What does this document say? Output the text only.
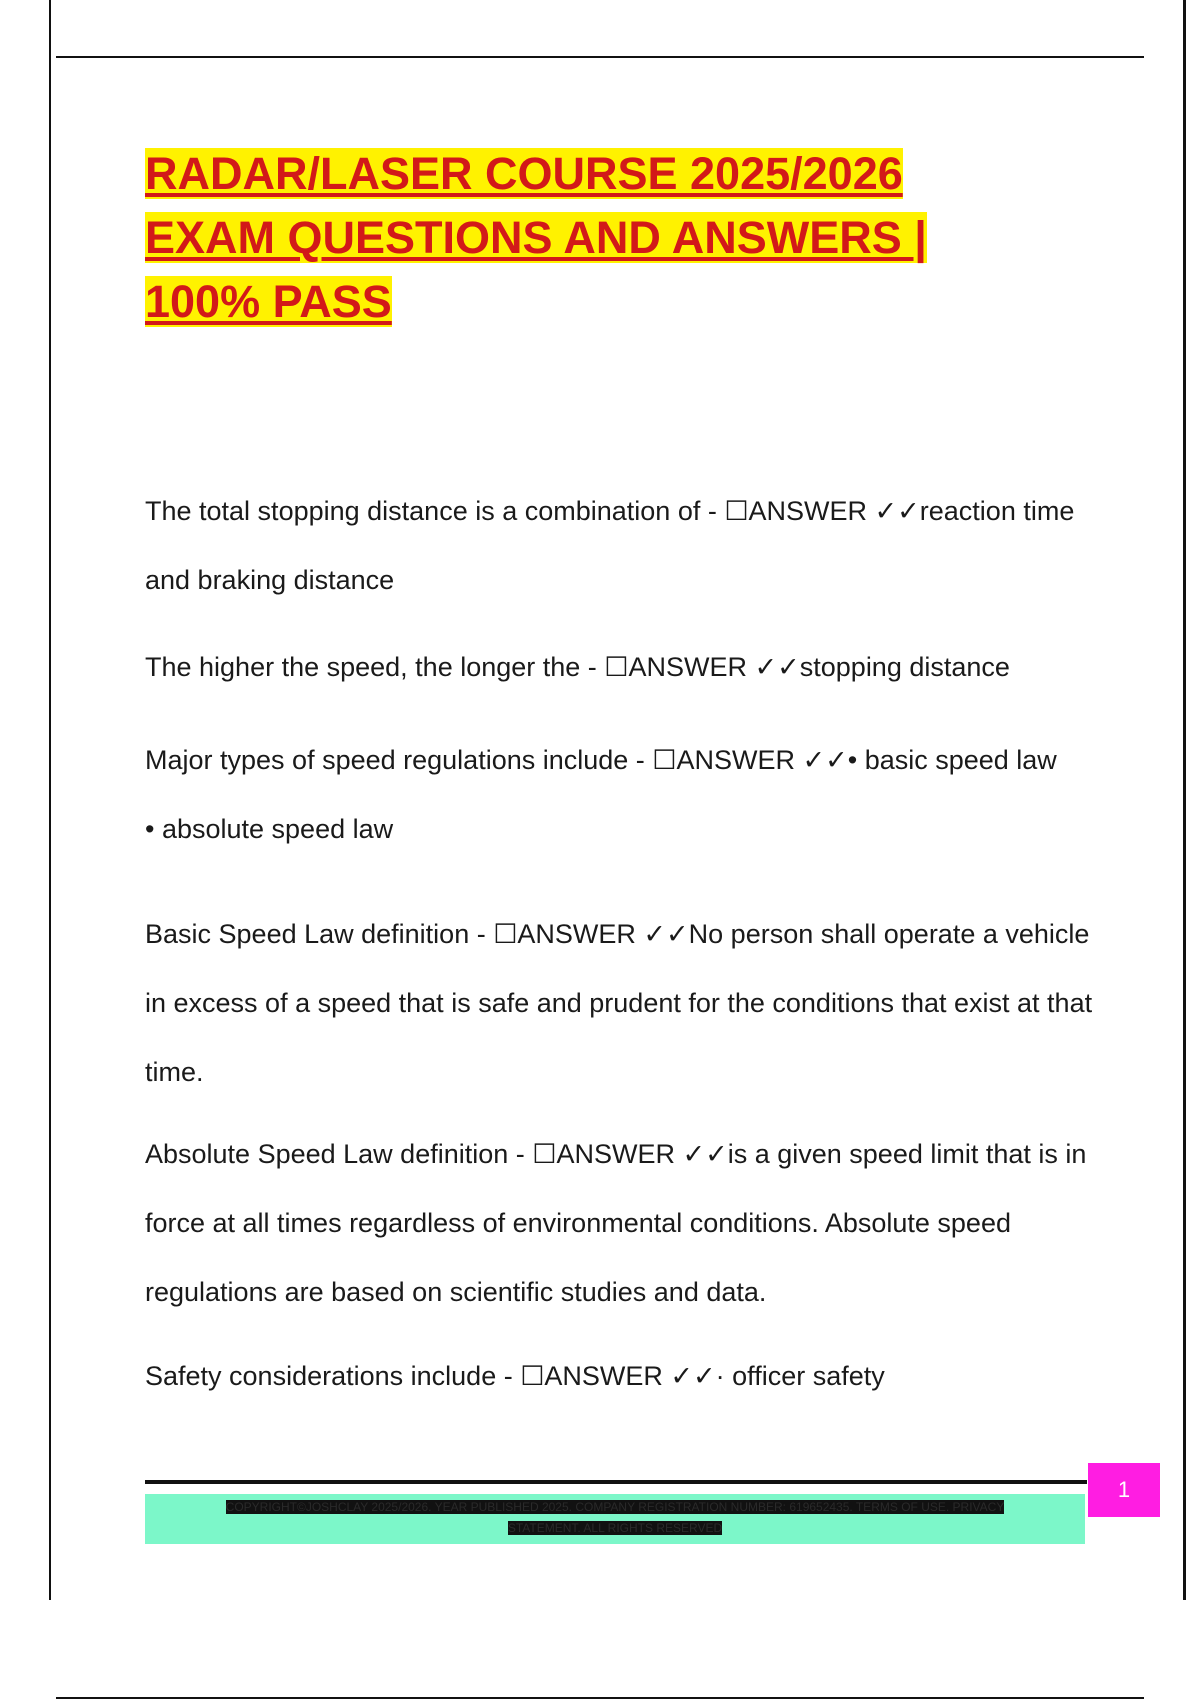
RADAR/LASER COURSE 2025/2026
EXAM QUESTIONS AND ANSWERS |
100% PASS

The total stopping distance is a combination of - ☐ANSWER ✓✓reaction time and braking distance

The higher the speed, the longer the - ☐ANSWER ✓✓stopping distance

Major types of speed regulations include - ☐ANSWER ✓✓• basic speed law
• absolute speed law

Basic Speed Law definition - ☐ANSWER ✓✓No person shall operate a vehicle in excess of a speed that is safe and prudent for the conditions that exist at that time.

Absolute Speed Law definition - ☐ANSWER ✓✓is a given speed limit that is in force at all times regardless of environmental conditions. Absolute speed regulations are based on scientific studies and data.

Safety considerations include - ☐ANSWER ✓✓· officer safety

COPYRIGHT©JOSHCLAY 2025/2026. YEAR PUBLISHED 2025. COMPANY REGISTRATION NUMBER: 619652435. TERMS OF USE. PRIVACY
STATEMENT. ALL RIGHTS RESERVED
1
